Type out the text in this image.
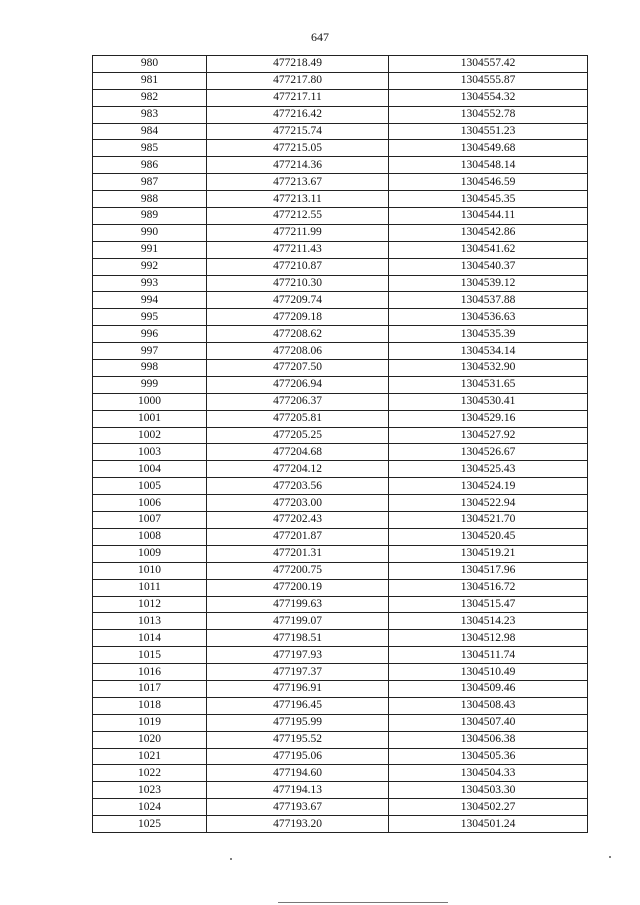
647
980	477218.49	1304557.42
981	477217.80	1304555.87
982	477217.11	1304554.32
983	477216.42	1304552.78
984	477215.74	1304551.23
985	477215.05	1304549.68
986	477214.36	1304548.14
987	477213.67	1304546.59
988	477213.11	1304545.35
989	477212.55	1304544.11
990	477211.99	1304542.86
991	477211.43	1304541.62
992	477210.87	1304540.37
993	477210.30	1304539.12
994	477209.74	1304537.88
995	477209.18	1304536.63
996	477208.62	1304535.39
997	477208.06	1304534.14
998	477207.50	1304532.90
999	477206.94	1304531.65
1000	477206.37	1304530.41
1001	477205.81	1304529.16
1002	477205.25	1304527.92
1003	477204.68	1304526.67
1004	477204.12	1304525.43
1005	477203.56	1304524.19
1006	477203.00	1304522.94
1007	477202.43	1304521.70
1008	477201.87	1304520.45
1009	477201.31	1304519.21
1010	477200.75	1304517.96
1011	477200.19	1304516.72
1012	477199.63	1304515.47
1013	477199.07	1304514.23
1014	477198.51	1304512.98
1015	477197.93	1304511.74
1016	477197.37	1304510.49
1017	477196.91	1304509.46
1018	477196.45	1304508.43
1019	477195.99	1304507.40
1020	477195.52	1304506.38
1021	477195.06	1304505.36
1022	477194.60	1304504.33
1023	477194.13	1304503.30
1024	477193.67	1304502.27
1025	477193.20	1304501.24
